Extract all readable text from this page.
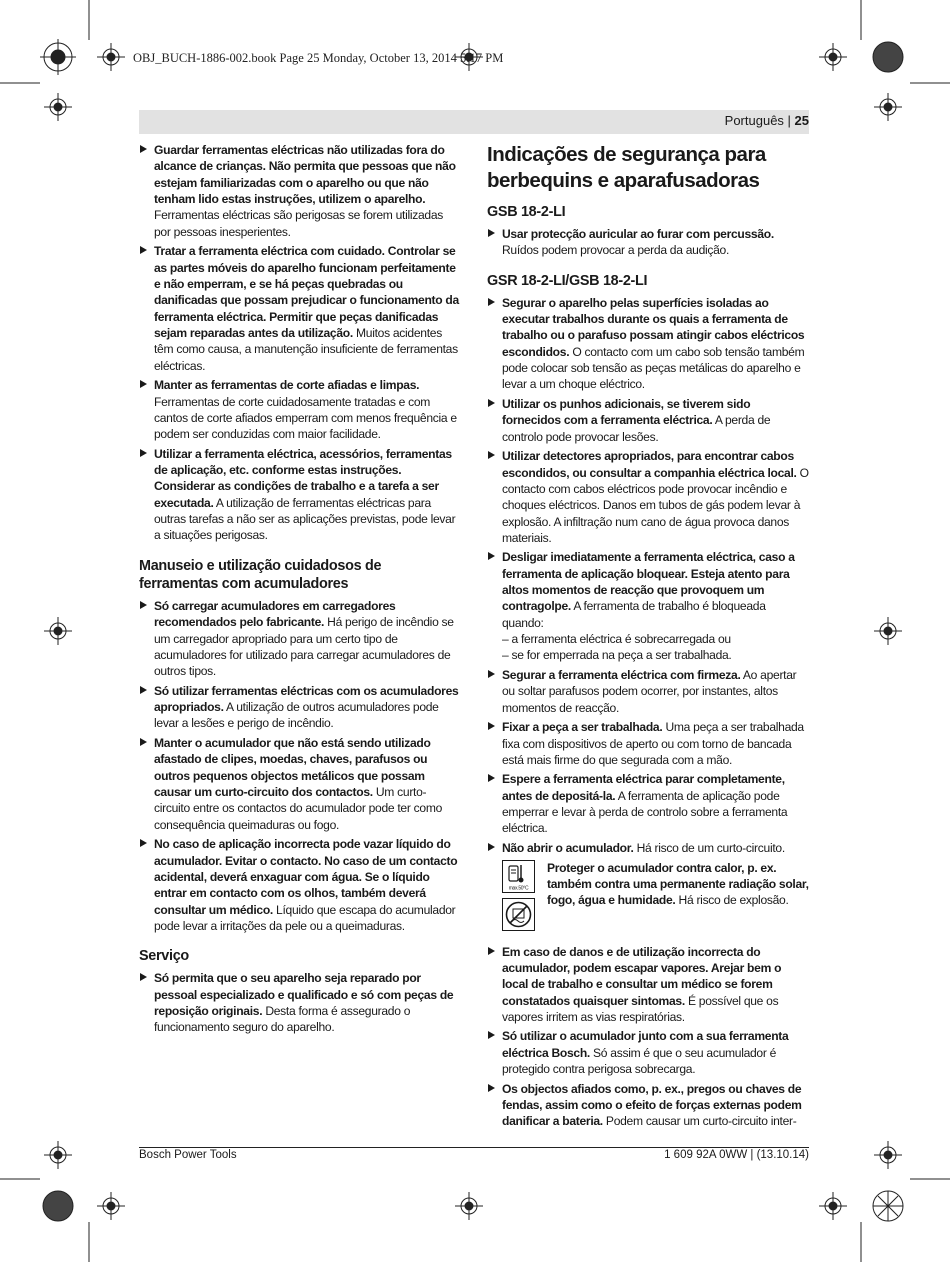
OBJ_BUCH-1886-002.book Page 25 Monday, October 13, 2014 5:17 PM
Português | 25
Guardar ferramentas eléctricas não utilizadas fora do alcance de crianças. Não permita que pessoas que não estejam familiarizadas com o aparelho ou que não tenham lido estas instruções, utilizem o aparelho. Ferramentas eléctricas são perigosas se forem utilizadas por pessoas inesperientes.
Tratar a ferramenta eléctrica com cuidado. Controlar se as partes móveis do aparelho funcionam perfeitamente e não emperram, e se há peças quebradas ou danificadas que possam prejudicar o funcionamento da ferramenta eléctrica. Permitir que peças danificadas sejam reparadas antes da utilização. Muitos acidentes têm como causa, a manutenção insuficiente de ferramentas eléctricas.
Manter as ferramentas de corte afiadas e limpas. Ferramentas de corte cuidadosamente tratadas e com cantos de corte afiados emperram com menos frequência e podem ser conduzidas com maior facilidade.
Utilizar a ferramenta eléctrica, acessórios, ferramentas de aplicação, etc. conforme estas instruções. Considerar as condições de trabalho e a tarefa a ser executada. A utilização de ferramentas eléctricas para outras tarefas a não ser as aplicações previstas, pode levar a situações perigosas.
Manuseio e utilização cuidadosos de ferramentas com acumuladores
Só carregar acumuladores em carregadores recomendados pelo fabricante. Há perigo de incêndio se um carregador apropriado para um certo tipo de acumuladores for utilizado para carregar acumuladores de outros tipos.
Só utilizar ferramentas eléctricas com os acumuladores apropriados. A utilização de outros acumuladores pode levar a lesões e perigo de incêndio.
Manter o acumulador que não está sendo utilizado afastado de clipes, moedas, chaves, parafusos ou outros pequenos objectos metálicos que possam causar um curto-circuito dos contactos. Um curto-circuito entre os contactos do acumulador pode ter como consequência queimaduras ou fogo.
No caso de aplicação incorrecta pode vazar líquido do acumulador. Evitar o contacto. No caso de um contacto acidental, deverá enxaguar com água. Se o líquido entrar em contacto com os olhos, também deverá consultar um médico. Líquido que escapa do acumulador pode levar a irritações da pele ou a queimaduras.
Serviço
Só permita que o seu aparelho seja reparado por pessoal especializado e qualificado e só com peças de reposição originais. Desta forma é assegurado o funcionamento seguro do aparelho.
Indicações de segurança para berbequins e aparafusadoras
GSB 18-2-LI
Usar protecção auricular ao furar com percussão. Ruídos podem provocar a perda da audição.
GSR 18-2-LI/GSB 18-2-LI
Segurar o aparelho pelas superfícies isoladas ao executar trabalhos durante os quais a ferramenta de trabalho ou o parafuso possam atingir cabos eléctricos escondidos. O contacto com um cabo sob tensão também pode colocar sob tensão as peças metálicas do aparelho e levar a um choque eléctrico.
Utilizar os punhos adicionais, se tiverem sido fornecidos com a ferramenta eléctrica. A perda de controlo pode provocar lesões.
Utilizar detectores apropriados, para encontrar cabos escondidos, ou consultar a companhia eléctrica local. O contacto com cabos eléctricos pode provocar incêndio e choques eléctricos. Danos em tubos de gás podem levar à explosão. A infiltração num cano de água provoca danos materiais.
Desligar imediatamente a ferramenta eléctrica, caso a ferramenta de aplicação bloquear. Esteja atento para altos momentos de reacção que provoquem um contragolpe. A ferramenta de trabalho é bloqueada quando:
– a ferramenta eléctrica é sobrecarregada ou
– se for emperrada na peça a ser trabalhada.
Segurar a ferramenta eléctrica com firmeza. Ao apertar ou soltar parafusos podem ocorrer, por instantes, altos momentos de reacção.
Fixar a peça a ser trabalhada. Uma peça a ser trabalhada fixa com dispositivos de aperto ou com torno de bancada está mais firme do que segurada com a mão.
Espere a ferramenta eléctrica parar completamente, antes de depositá-la. A ferramenta de aplicação pode emperrar e levar à perda de controlo sobre a ferramenta eléctrica.
Não abrir o acumulador. Há risco de um curto-circuito.
max.50°C
Proteger o acumulador contra calor, p. ex. também contra uma permanente radiação solar, fogo, água e humidade. Há risco de explosão.
Em caso de danos e de utilização incorrecta do acumulador, podem escapar vapores. Arejar bem o local de trabalho e consultar um médico se forem constatados quaisquer sintomas. É possível que os vapores irritem as vias respiratórias.
Só utilizar o acumulador junto com a sua ferramenta eléctrica Bosch. Só assim é que o seu acumulador é protegido contra perigosa sobrecarga.
Os objectos afiados como, p. ex., pregos ou chaves de fendas, assim como o efeito de forças externas podem danificar a bateria. Podem causar um curto-circuito inter-
Bosch Power Tools	1 609 92A 0WW | (13.10.14)
